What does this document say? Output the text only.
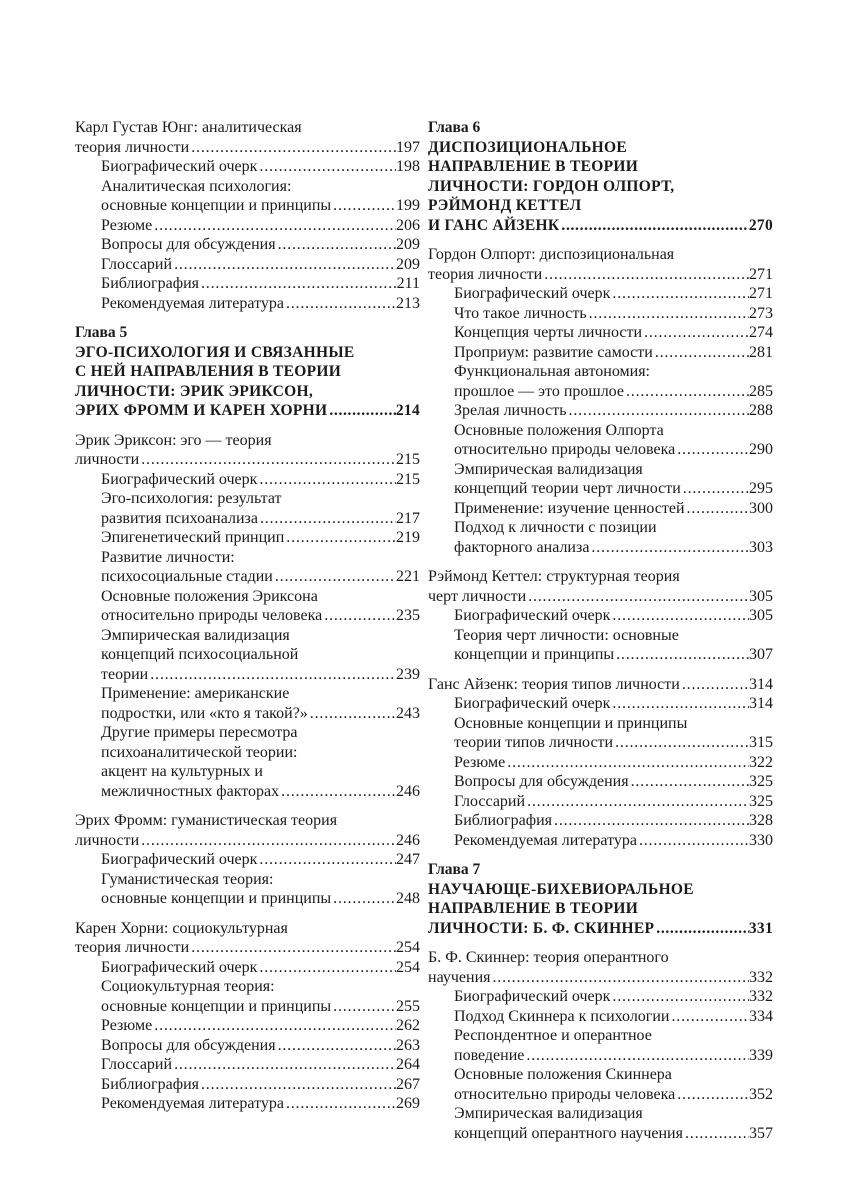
Карл Густав Юнг: аналитическая
теория личности . . .	197
Биографический очерк . . .	198
Аналитическая психология:
основные концепции и принципы . . .	199
Резюме . . .	206
Вопросы для обсуждения . . .	209
Глоссарий . . .	209
Библиография . . .	211
Рекомендуемая литература . . .	213
Глава 5
ЭГО-ПСИХОЛОГИЯ И СВЯЗАННЫЕ
С НЕЙ НАПРАВЛЕНИЯ В ТЕОРИИ
ЛИЧНОСТИ: ЭРИК ЭРИКСОН,
ЭРИХ ФРОММ И КАРЕН ХОРНИ . . .	214
Эрик Эриксон: эго — теория
личности . . .	215
Биографический очерк . . .	215
Эго-психология: результат
развития психоанализа . . .	217
Эпигенетический принцип . . .	219
Развитие личности:
психосоциальные стадии . . .	221
Основные положения Эриксона
относительно природы человека . . .	235
Эмпирическая валидизация
концепций психосоциальной
теории . . .	239
Применение: американские
подростки, или «кто я такой?» . . .	243
Другие примеры пересмотра
психоаналитической теории:
акцент на культурных и
межличностных факторах . . .	246
Эрих Фромм: гуманистическая теория
личности . . .	246
Биографический очерк . . .	247
Гуманистическая теория:
основные концепции и принципы . . .	248
Карен Хорни: социокультурная
теория личности . . .	254
Биографический очерк . . .	254
Социокультурная теория:
основные концепции и принципы . . .	255
Резюме . . .	262
Вопросы для обсуждения . . .	263
Глоссарий . . .	264
Библиография . . .	267
Рекомендуемая литература . . .	269
Глава 6
ДИСПОЗИЦИОНАЛЬНОЕ
НАПРАВЛЕНИЕ В ТЕОРИИ
ЛИЧНОСТИ: ГОРДОН ОЛПОРТ,
РЭЙМОНД КЕТТЕЛ
И ГАНС АЙЗЕНК . . .	270
Гордон Олпорт: диспозициональная
теория личности . . .	271
Биографический очерк . . .	271
Что такое личность . . .	273
Концепция черты личности . . .	274
Проприум: развитие самости . . .	281
Функциональная автономия:
прошлое — это прошлое . . .	285
Зрелая личность . . .	288
Основные положения Олпорта
относительно природы человека . . .	290
Эмпирическая валидизация
концепций теории черт личности . . .	295
Применение: изучение ценностей . . .	300
Подход к личности с позиции
факторного анализа . . .	303
Рэймонд Кеттел: структурная теория
черт личности . . .	305
Биографический очерк . . .	305
Теория черт личности: основные
концепции и принципы . . .	307
Ганс Айзенк: теория типов личности . . .	314
Биографический очерк . . .	314
Основные концепции и принципы
теории типов личности . . .	315
Резюме . . .	322
Вопросы для обсуждения . . .	325
Глоссарий . . .	325
Библиография . . .	328
Рекомендуемая литература . . .	330
Глава 7
НАУЧАЮЩЕ-БИХЕВИОРАЛЬНОЕ
НАПРАВЛЕНИЕ В ТЕОРИИ
ЛИЧНОСТИ: Б. Ф. СКИННЕР . . .	331
Б. Ф. Скиннер: теория оперантного
научения . . .	332
Биографический очерк . . .	332
Подход Скиннера к психологии . . .	334
Респондентное и оперантное
поведение . . .	339
Основные положения Скиннера
относительно природы человека . . .	352
Эмпирическая валидизация
концепций оперантного научения . . .	357
